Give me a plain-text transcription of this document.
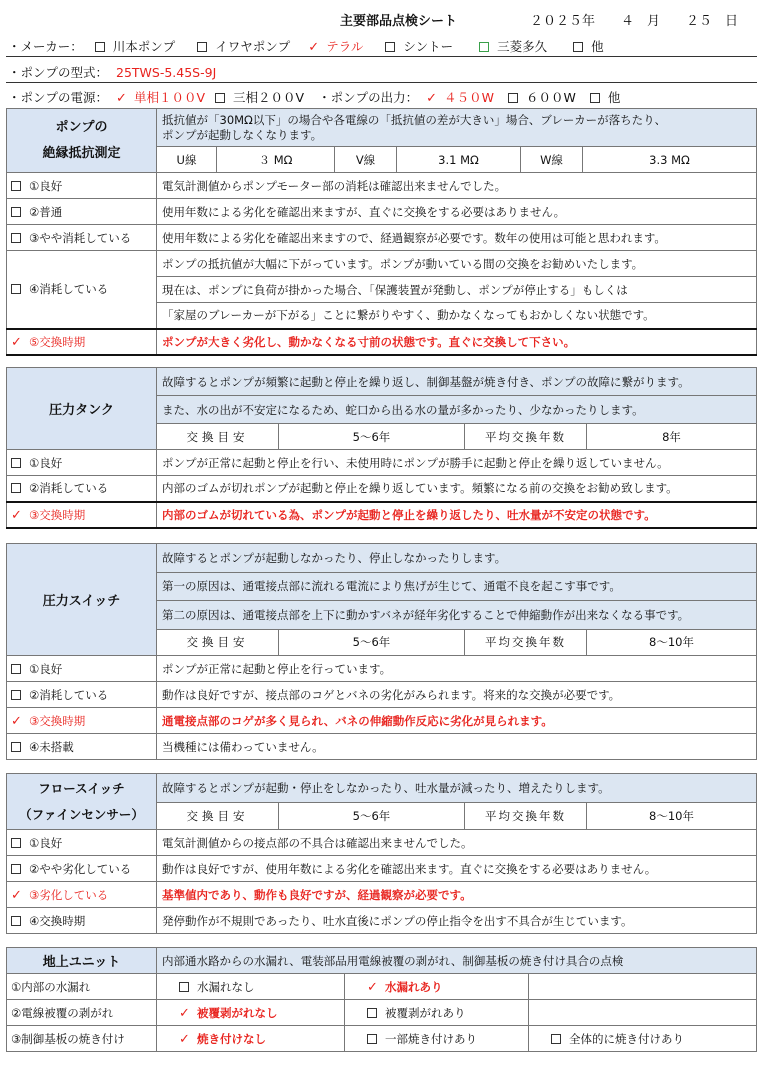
主要部品点検シート	２０２５年　　４　月　　２５　日
・メーカー： 川本ポンプ	イワヤポンプ ✓ テラル	シントー	三菱多久	他
・ポンプの型式： 25TWS-5.45S-9J
・ポンプの電源： ✓ 単相１００V 三相２００V ・ポンプの出力： ✓ ４５０W	６００W	他
ポンプの
絶縁抵抗測定	抵抗値が「30MΩ以下」の場合や各電線の「抵抗値の差が大きい」場合、ブレーカーが落ちたり、
ポンプが起動しなくなります。					
	U線	３ MΩ	V線	3.1 MΩ	W線	3.3 MΩ
①良好	電気計測値からポンプモーター部の消耗は確認出来ませんでした。					
②普通	使用年数による劣化を確認出来ますが、直ぐに交換をする必要はありません。					
③やや消耗している	使用年数による劣化を確認出来ますので、経過観察が必要です。数年の使用は可能と思われます。					
④消耗している	ポンプの抵抗値が大幅に下がっています。ポンプが動いている間の交換をお勧めいたします。					
	現在は、ポンプに負荷が掛かった場合、「保護装置が発動し、ポンプが停止する」もしくは					
	「家屋のブレーカーが下がる」ことに繋がりやすく、動かなくなってもおかしくない状態です。					
✓ ⑤交換時期	ポンプが大きく劣化し、動かなくなる寸前の状態です。直ぐに交換して下さい。					
圧力タンク	故障するとポンプが頻繁に起動と停止を繰り返し、制御基盤が焼き付き、ポンプの故障に繋がります。			
	また、水の出が不安定になるため、蛇口から出る水の量が多かったり、少なかったりします。			
	交換目安	5～6年	平均交換年数	8年
①良好	ポンプが正常に起動と停止を行い、未使用時にポンプが勝手に起動と停止を繰り返していません。			
②消耗している	内部のゴムが切れポンプが起動と停止を繰り返しています。頻繁になる前の交換をお勧め致します。			
✓ ③交換時期	内部のゴムが切れている為、ポンプが起動と停止を繰り返したり、吐水量が不安定の状態です。			
圧力スイッチ	故障するとポンプが起動しなかったり、停止しなかったりします。			
	第一の原因は、通電接点部に流れる電流により焦げが生じて、通電不良を起こす事です。			
	第二の原因は、通電接点部を上下に動かすバネが経年劣化することで伸縮動作が出来なくなる事です。			
	交換目安	5～6年	平均交換年数	8～10年
①良好	ポンプが正常に起動と停止を行っています。			
②消耗している	動作は良好ですが、接点部のコゲとバネの劣化がみられます。将来的な交換が必要です。			
✓ ③交換時期	通電接点部のコゲが多く見られ、バネの伸縮動作反応に劣化が見られます。			
④未搭載	当機種には備わっていません。			
フロースイッチ
（ファインセンサー）	故障するとポンプが起動・停止をしなかったり、吐水量が減ったり、増えたりします。			
	交換目安	5～6年	平均交換年数	8～10年
①良好	電気計測値からの接点部の不具合は確認出来ませんでした。			
②やや劣化している	動作は良好ですが、使用年数による劣化を確認出来ます。直ぐに交換をする必要はありません。			
✓ ③劣化している	基準値内であり、動作も良好ですが、経過観察が必要です。			
④交換時期	発停動作が不規則であったり、吐水直後にポンプの停止指令を出す不具合が生じています。			
地上ユニット	内部通水路からの水漏れ、電装部品用電線被覆の剥がれ、制御基板の焼き付け具合の点検		
①内部の水漏れ	水漏れなし	✓ 水漏れあり	
②電線被覆の剥がれ	✓ 被覆剥がれなし	被覆剥がれあり	
③制御基板の焼き付け	✓ 焼き付けなし	一部焼き付けあり	全体的に焼き付けあり
